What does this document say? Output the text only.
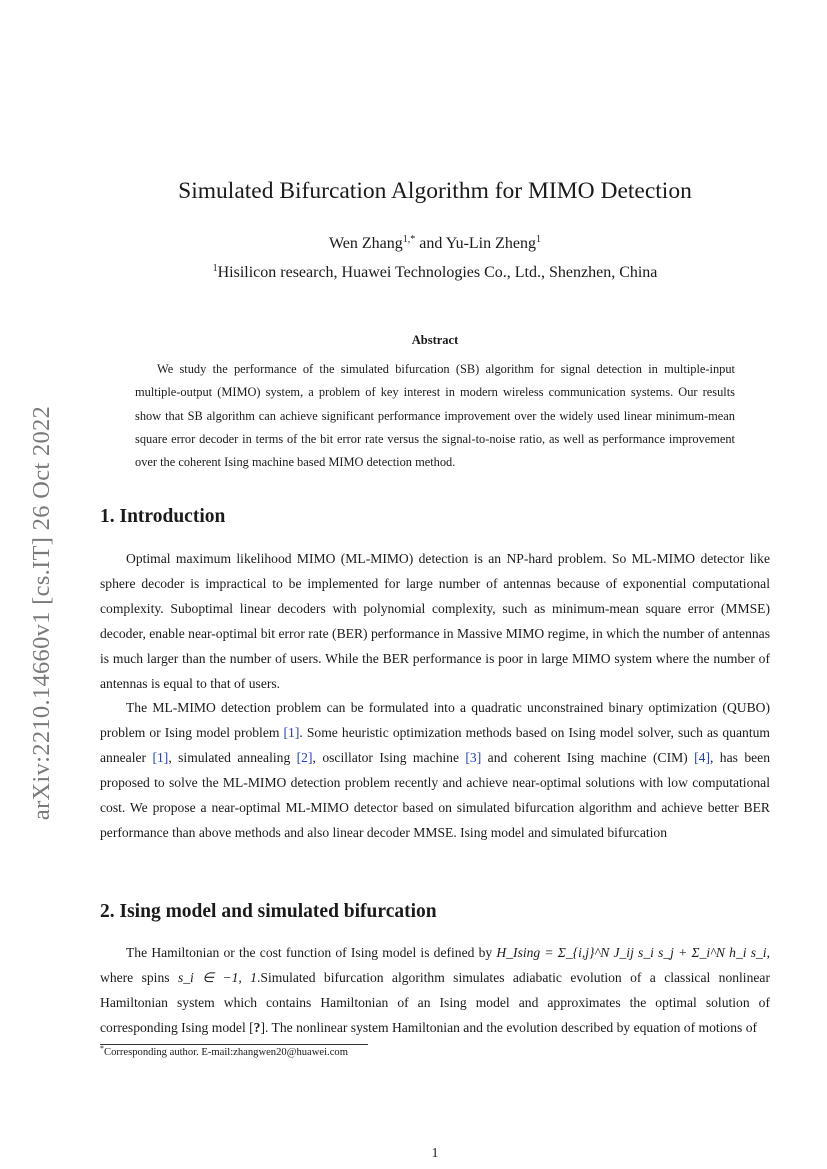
arXiv:2210.14660v1 [cs.IT] 26 Oct 2022
Simulated Bifurcation Algorithm for MIMO Detection
Wen Zhang$^{1,*}$ and Yu-Lin Zheng$^1$
$^1$Hisilicon research, Huawei Technologies Co., Ltd., Shenzhen, China
Abstract

We study the performance of the simulated bifurcation (SB) algorithm for signal detection in multiple-input multiple-output (MIMO) system, a problem of key interest in modern wireless communication systems. Our results show that SB algorithm can achieve significant performance improvement over the widely used linear minimum-mean square error decoder in terms of the bit error rate versus the signal-to-noise ratio, as well as performance improvement over the coherent Ising machine based MIMO detection method.

1. Introduction

Optimal maximum likelihood MIMO (ML-MIMO) detection is an NP-hard problem. So ML-MIMO detector like sphere decoder is impractical to be implemented for large number of antennas because of exponential computational complexity. Suboptimal linear decoders with polynomial complexity, such as minimum-mean square error (MMSE) decoder, enable near-optimal bit error rate (BER) performance in Massive MIMO regime, in which the number of antennas is much larger than the number of users. While the BER performance is poor in large MIMO system where the number of antennas is equal to that of users.

The ML-MIMO detection problem can be formulated into a quadratic unconstrained binary optimization (QUBO) problem or Ising model problem [1]. Some heuristic optimization methods based on Ising model solver, such as quantum annealer [1], simulated annealing [2], oscillator Ising machine [3] and coherent Ising machine (CIM) [4], has been proposed to solve the ML-MIMO detection problem recently and achieve near-optimal solutions with low computational cost. We propose a near-optimal ML-MIMO detector based on simulated bifurcation algorithm and achieve better BER performance than above methods and also linear decoder MMSE. Ising model and simulated bifurcation

2. Ising model and simulated bifurcation

The Hamiltonian or the cost function of Ising model is defined by H_Ising = Σ_{i,j}^N J_ij s_i s_j + Σ_i^N h_i s_i, where spins s_i ∈ −1, 1.Simulated bifurcation algorithm simulates adiabatic evolution of a classical nonlinear Hamiltonian system which contains Hamiltonian of an Ising model and approximates the optimal solution of corresponding Ising model [?]. The nonlinear system Hamiltonian and the evolution described by equation of motions of

*Corresponding author. E-mail:zhangwen20@huawei.com
1
